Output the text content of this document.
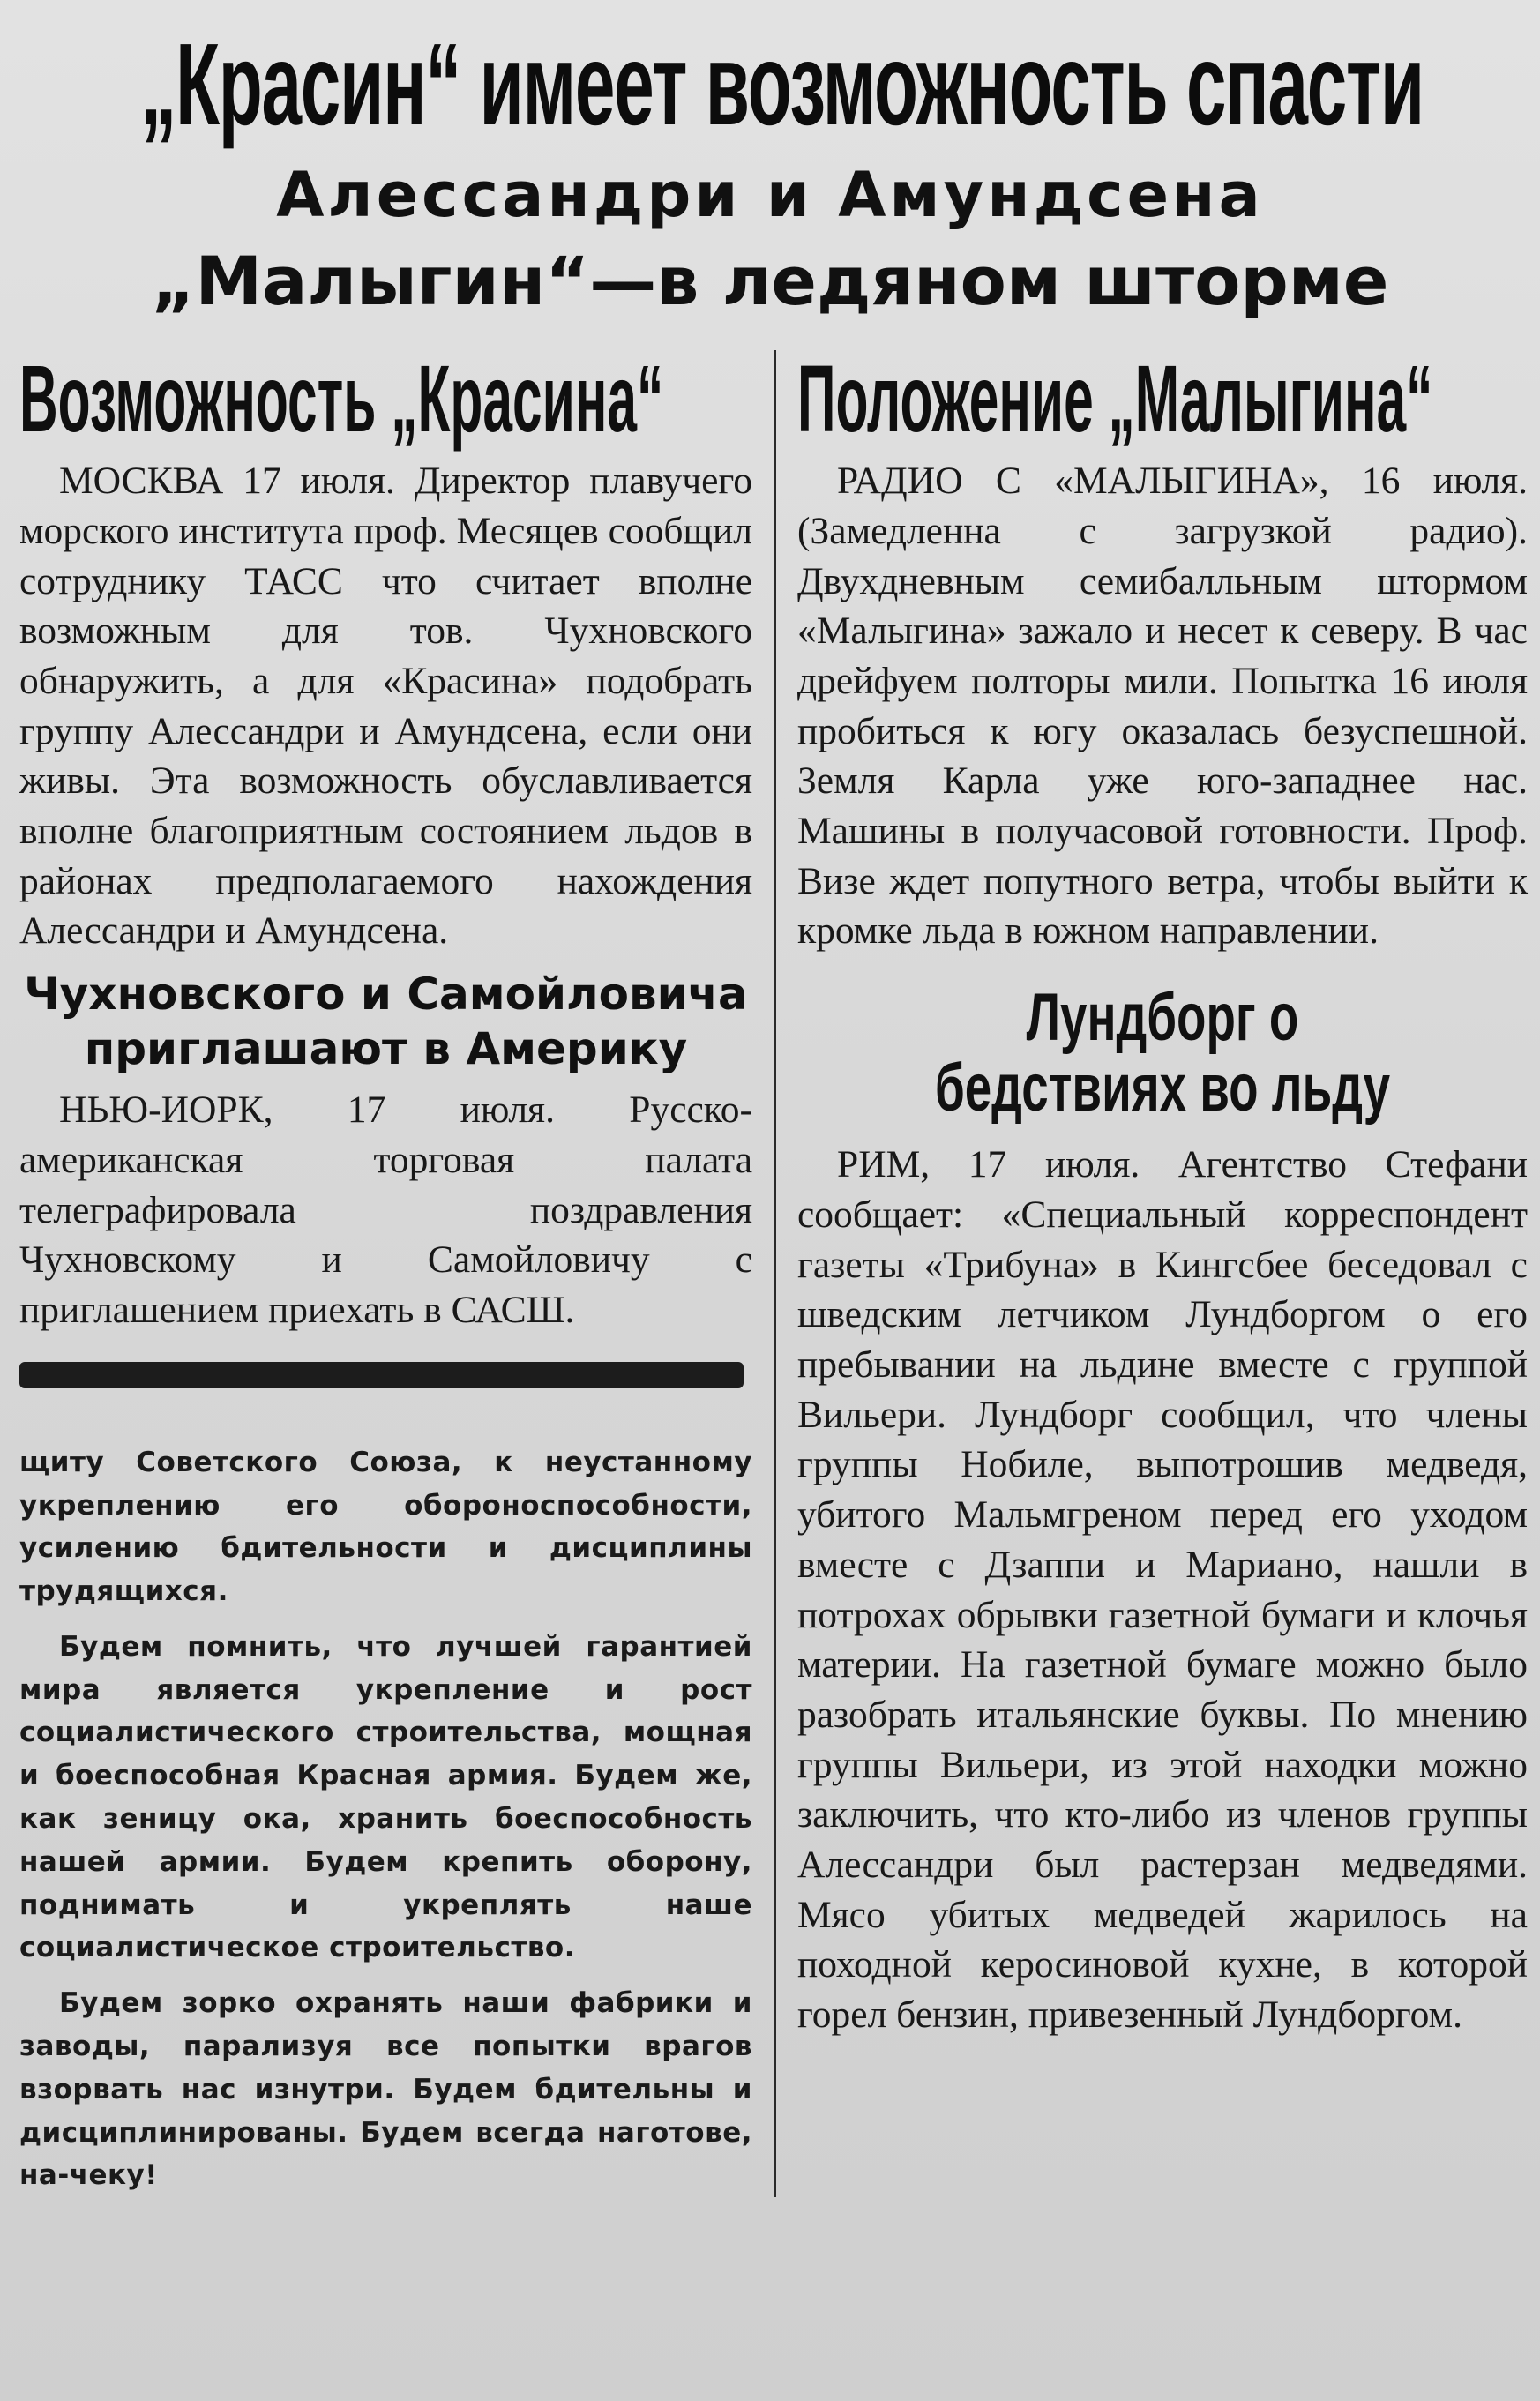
„Красин“ имеет возможность спасти
Алессандри и Амундсена
„Малыгин“—в ледяном шторме
Возможность „Красина“

МОСКВА 17 июля. Директор плавучего морского института проф. Месяцев сообщил сотруднику ТАСС что считает вполне возможным для тов. Чухновского обнаружить, а для «Красина» подобрать группу Алессандри и Амундсена, если они живы. Эта возможность обуславливается вполне благоприятным состоянием льдов в районах предполагаемого нахождения Алессандри и Амундсена.

Чухновского и Самойловича приглашают в Америку

НЬЮ-ИОРК, 17 июля. Русско-американская торговая палата телеграфировала поздравления Чухновскому и Самойловичу с приглашением приехать в САСШ.

щиту Советского Союза, к неустанному укреплению его обороноспособности, усилению бдительности и дисциплины трудящихся.

Будем помнить, что лучшей гарантией мира является укрепление и рост социалистического строительства, мощная и боеспособная Красная армия. Будем же, как зеницу ока, хранить боеспособность нашей армии. Будем крепить оборону, поднимать и укреплять наше социалистическое строительство.

Будем зорко охранять наши фабрики и заводы, парализуя все попытки врагов взорвать нас изнутри. Будем бдительны и дисциплинированы. Будем всегда наготове, на-чеку!

Положение „Малыгина“

РАДИО С «МАЛЫГИНА», 16 июля. (Замедленна с загрузкой радио). Двухдневным семибалльным штормом «Малыгина» зажало и несет к северу. В час дрейфуем полторы мили. Попытка 16 июля пробиться к югу оказалась безуспешной. Земля Карла уже юго-западнее нас. Машины в получасовой готовности. Проф. Визе ждет попутного ветра, чтобы выйти к кромке льда в южном направлении.

Лундборг о бедствиях во льду

РИМ, 17 июля. Агентство Стефани сообщает: «Специальный корреспондент газеты «Трибуна» в Кингсбее беседовал с шведским летчиком Лундборгом о его пребывании на льдине вместе с группой Вильери. Лундборг сообщил, что члены группы Нобиле, выпотрошив медведя, убитого Мальмгреном перед его уходом вместе с Дзаппи и Мариано, нашли в потрохах обрывки газетной бумаги и клочья материи. На газетной бумаге можно было разобрать итальянские буквы. По мнению группы Вильери, из этой находки можно заключить, что кто-либо из членов группы Алессандри был растерзан медведями. Мясо убитых медведей жарилось на походной керосиновой кухне, в которой горел бензин, привезенный Лундборгом.
